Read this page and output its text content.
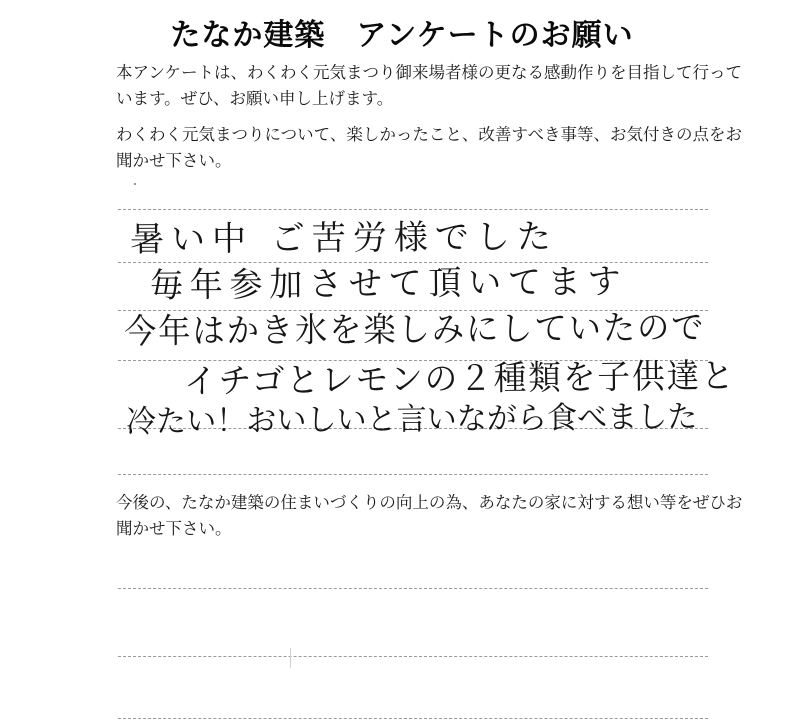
たなか建築　アンケートのお願い
本アンケートは、わくわく元気まつり御来場者様の更なる感動作りを目指して行っています。ぜひ、お願い申し上げます。
わくわく元気まつりについて、楽しかったこと、改善すべき事等、お気付きの点をお聞かせ下さい。
暑い中 ご苦労様でした
毎年参加させて頂いてます
今年はかき氷を楽しみにしていたので
イチゴとレモンの２種類を子供達と
冷たい！おいしいと言いながら食べました
今後の、たなか建築の住まいづくりの向上の為、あなたの家に対する想い等をぜひお聞かせ下さい。
